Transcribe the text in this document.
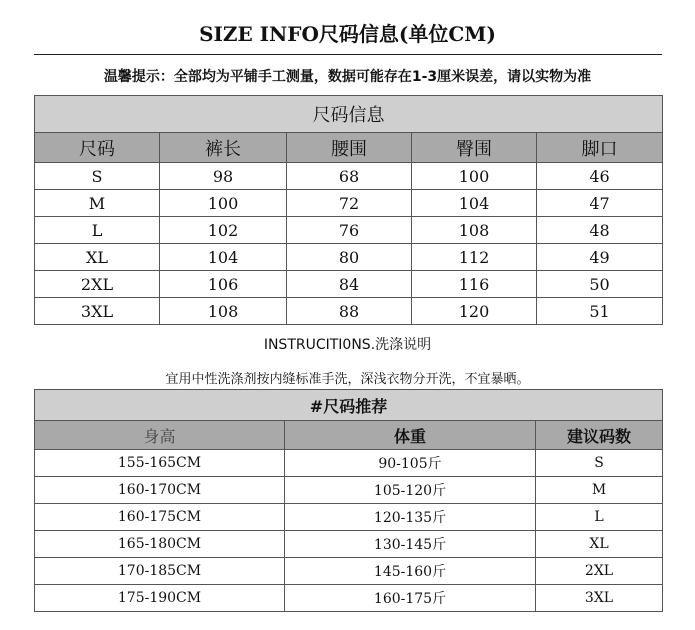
SIZE INFO尺码信息(单位CM)
温馨提示：全部均为平铺手工测量，数据可能存在1-3厘米误差，请以实物为准
尺码信息				
尺码	裤长	腰围	臀围	脚口
S	98	68	100	46
M	100	72	104	47
L	102	76	108	48
XL	104	80	112	49
2XL	106	84	116	50
3XL	108	88	120	51
INSTRUCITI0NS.洗涤说明
宜用中性洗涤剂按内缝标准手洗，深浅衣物分开洗，不宜暴晒。
#尺码推荐		
身高	体重	建议码数
155-165CM	90-105斤	S
160-170CM	105-120斤	M
160-175CM	120-135斤	L
165-180CM	130-145斤	XL
170-185CM	145-160斤	2XL
175-190CM	160-175斤	3XL
